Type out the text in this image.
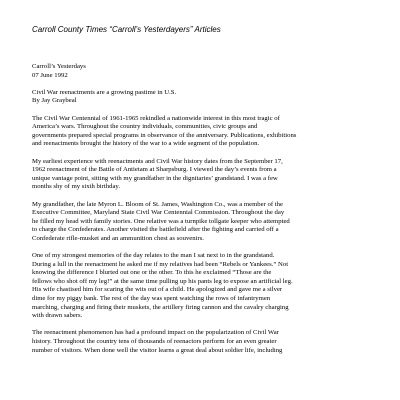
Carroll County Times “Carroll’s Yesterdayers” Articles
Carroll’s Yesterdays
07 June 1992
Civil War reenactments are a growing pastime in U.S.
By Jay Graybeal
The Civil War Centennial of 1961-1965 rekindled a nationwide interest in this most tragic of
America’s wars. Throughout the country individuals, communities, civic groups and
governments prepared special programs in observance of the anniversary. Publications, exhibitions
and reenactments brought the history of the war to a wide segment of the population.
My earliest experience with reenactments and Civil War history dates from the September 17,
1962 reenactment of the Battle of Antietam at Sharpsburg. I viewed the day’s events from a
unique vantage point, sitting with my grandfather in the dignitaries’ grandstand. I was a few
months shy of my sixth birthday.
My grandfather, the late Myron L. Bloom of St. James, Washington Co., was a member of the
Executive Committee, Maryland State Civil War Centennial Commission. Throughout the day
he filled my head with family stories. One relative was a turnpike tollgate keeper who attempted
to charge the Confederates. Another visited the battlefield after the fighting and carried off a
Confederate rifle-musket and an ammunition chest as souvenirs.
One of my strongest memories of the day relates to the man I sat next to in the grandstand.
During a lull in the reenactment he asked me if my relatives had been “Rebels or Yankees.” Not
knowing the difference I blurted out one or the other. To this he exclaimed “Those are the
fellows who shot off my leg!” at the same time pulling up his pants leg to expose an artificial leg.
His wife chastised him for scaring the wits out of a child. He apologized and gave me a silver
dime for my piggy bank. The rest of the day was spent watching the rows of infantrymen
marching, charging and firing their muskets, the artillery firing cannon and the cavalry charging
with drawn sabers.
The reenactment phenomenon has had a profound impact on the popularization of Civil War
history. Throughout the country tens of thousands of reenactors perform for an even greater
number of visitors. When done well the visitor learns a great deal about soldier life, including
